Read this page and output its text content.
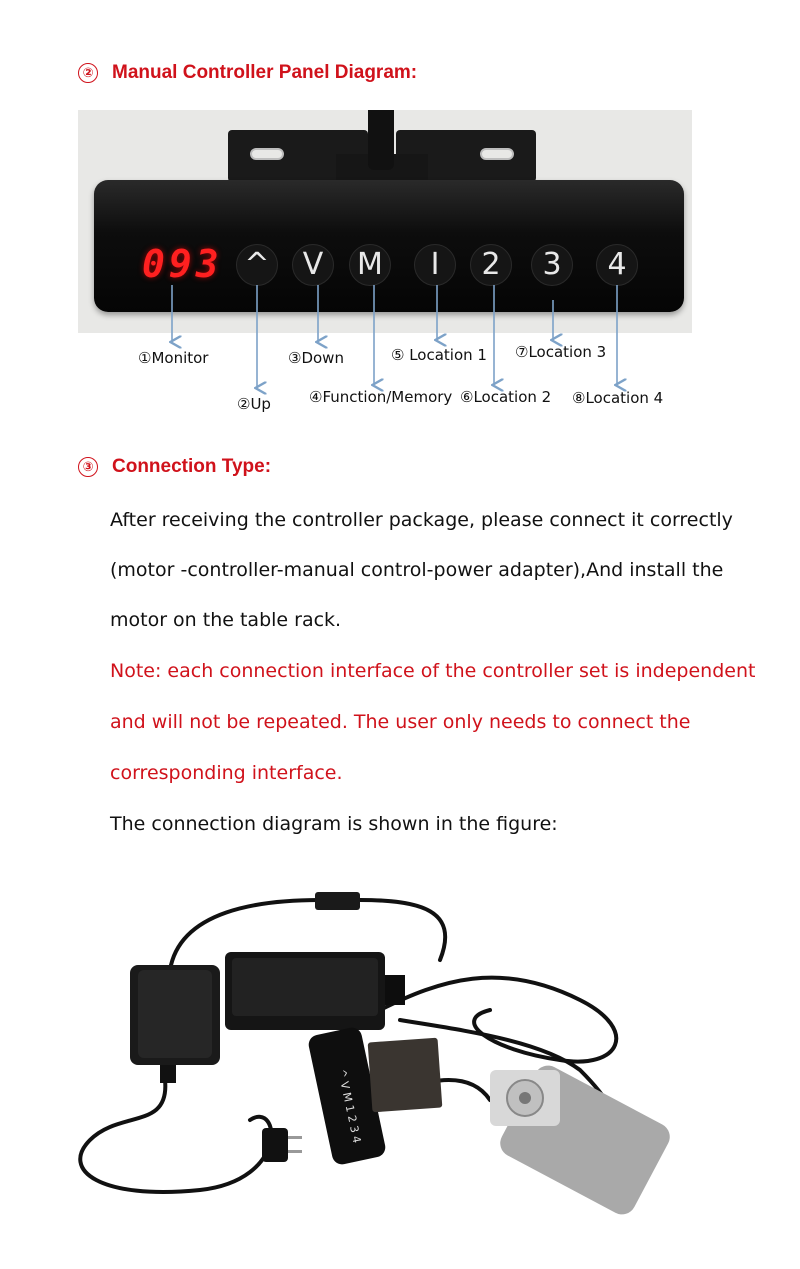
② Manual Controller Panel Diagram:
093 ^	V	M	I	2	3	4
①Monitor
②Up
③Down
④Function/Memory
⑤ Location 1
⑥Location 2
⑦Location 3
⑧Location 4
③ Connection Type:
After receiving the controller package, please connect it correctly
(motor -controller-manual control-power adapter),And install the
motor on the table rack.
Note: each connection interface of the controller set is independent
and will not be repeated. The user only needs to connect the
corresponding interface.
The connection diagram is shown in the figure:
^ V M 1 2 3 4
